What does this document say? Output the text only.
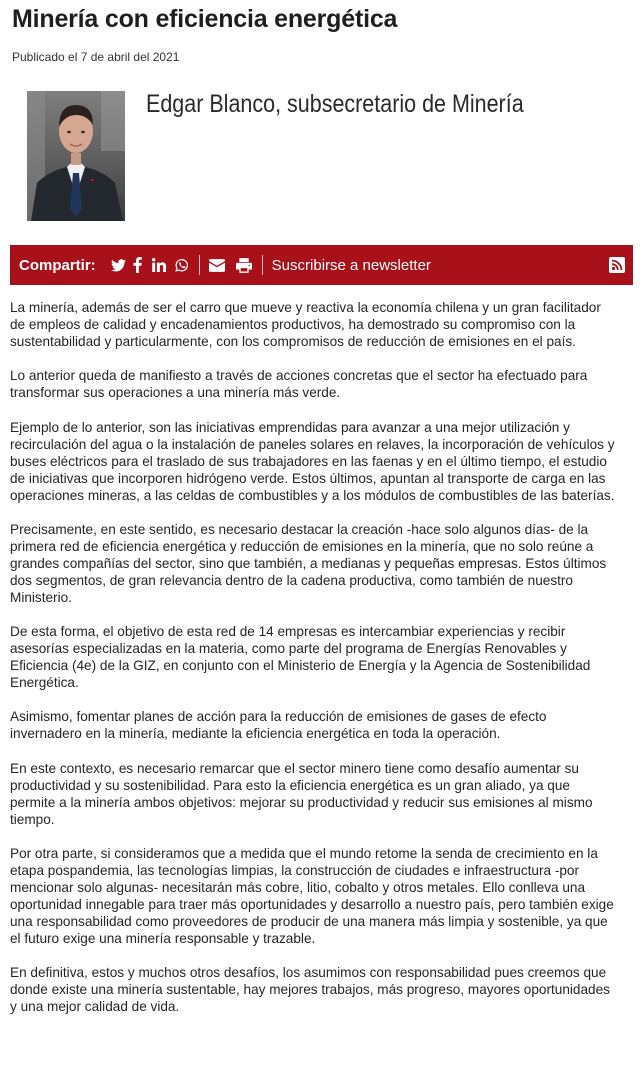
Minería con eficiencia energética
Publicado el 7 de abril del 2021
Edgar Blanco, subsecretario de Minería
Compartir:	Suscribirse a newsletter

La minería, además de ser el carro que mueve y reactiva la economía chilena y un gran facilitador
de empleos de calidad y encadenamientos productivos, ha demostrado su compromiso con la
sustentabilidad y particularmente, con los compromisos de reducción de emisiones en el país.

Lo anterior queda de manifiesto a través de acciones concretas que el sector ha efectuado para
transformar sus operaciones a una minería más verde.

Ejemplo de lo anterior, son las iniciativas emprendidas para avanzar a una mejor utilización y
recirculación del agua o la instalación de paneles solares en relaves, la incorporación de vehículos y
buses eléctricos para el traslado de sus trabajadores en las faenas y en el último tiempo, el estudio
de iniciativas que incorporen hidrógeno verde. Estos últimos, apuntan al transporte de carga en las
operaciones mineras, a las celdas de combustibles y a los módulos de combustibles de las baterías.

Precisamente, en este sentido, es necesario destacar la creación -hace solo algunos días- de la
primera red de eficiencia energética y reducción de emisiones en la minería, que no solo reúne a
grandes compañías del sector, sino que también, a medianas y pequeñas empresas. Estos últimos
dos segmentos, de gran relevancia dentro de la cadena productiva, como también de nuestro
Ministerio.

De esta forma, el objetivo de esta red de 14 empresas es intercambiar experiencias y recibir
asesorías especializadas en la materia, como parte del programa de Energías Renovables y
Eficiencia (4e) de la GIZ, en conjunto con el Ministerio de Energía y la Agencia de Sostenibilidad
Energética.

Asimismo, fomentar planes de acción para la reducción de emisiones de gases de efecto
invernadero en la minería, mediante la eficiencia energética en toda la operación.

En este contexto, es necesario remarcar que el sector minero tiene como desafío aumentar su
productividad y su sostenibilidad. Para esto la eficiencia energética es un gran aliado, ya que
permite a la minería ambos objetivos: mejorar su productividad y reducir sus emisiones al mismo
tiempo.

Por otra parte, si consideramos que a medida que el mundo retome la senda de crecimiento en la
etapa pospandemia, las tecnologías limpias, la construcción de ciudades e infraestructura -por
mencionar solo algunas- necesitarán más cobre, litio, cobalto y otros metales. Ello conlleva una
oportunidad innegable para traer más oportunidades y desarrollo a nuestro país, pero también exige
una responsabilidad como proveedores de producir de una manera más limpia y sostenible, ya que
el futuro exige una minería responsable y trazable.

En definitiva, estos y muchos otros desafíos, los asumimos con responsabilidad pues creemos que
donde existe una minería sustentable, hay mejores trabajos, más progreso, mayores oportunidades
y una mejor calidad de vida.
